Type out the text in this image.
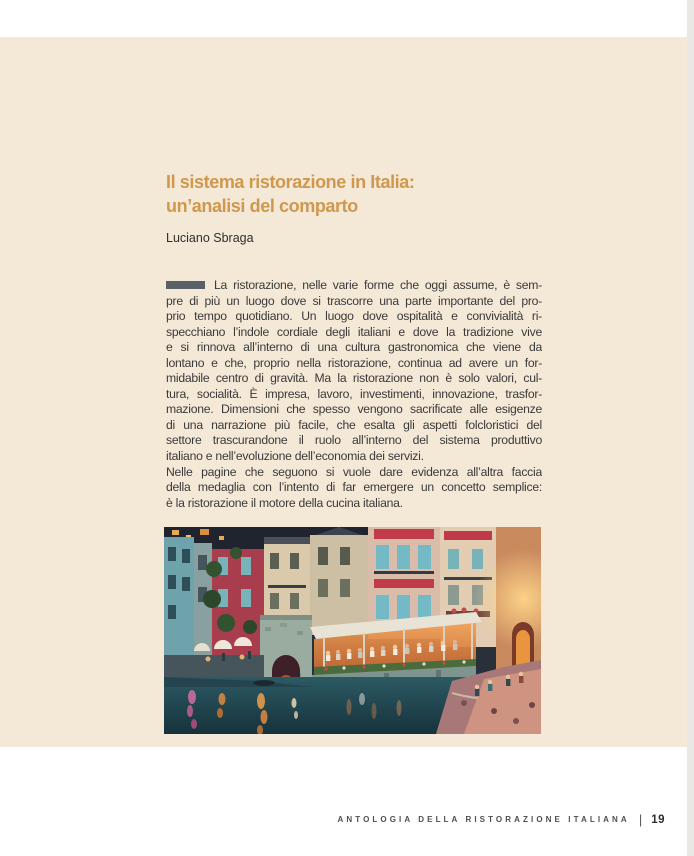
Il sistema ristorazione in Italia:
un’analisi del comparto
Luciano Sbraga
La ristorazione, nelle varie forme che oggi assume, è sem-
pre di più un luogo dove si trascorre una parte importante del pro-
prio tempo quotidiano. Un luogo dove ospitalità e convivialità ri-
specchiano l’indole cordiale degli italiani e dove la tradizione vive
e si rinnova all’interno di una cultura gastronomica che viene da
lontano e che, proprio nella ristorazione, continua ad avere un for-
midabile centro di gravità. Ma la ristorazione non è solo valori, cul-
tura, socialità. È impresa, lavoro, investimenti, innovazione, trasfor-
mazione. Dimensioni che spesso vengono sacrificate alle esigenze
di una narrazione più facile, che esalta gli aspetti folcloristici del
settore trascurandone il ruolo all’interno del sistema produttivo
italiano e nell’evoluzione dell’economia dei servizi.
Nelle pagine che seguono si vuole dare evidenza all’altra faccia
della medaglia con l’intento di far emergere un concetto semplice:
è la ristorazione il motore della cucina italiana.
ANTOLOGIA DELLA RISTORAZIONE ITALIANA | 19
